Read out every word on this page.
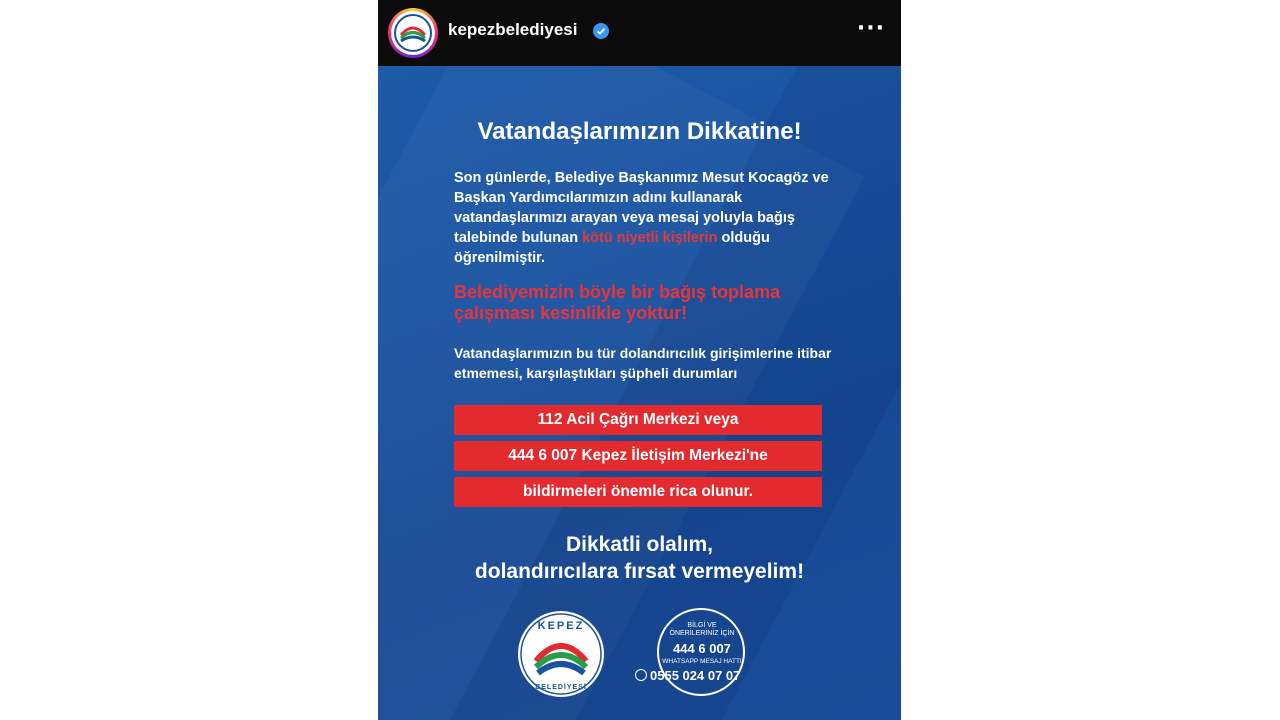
kepezbelediyesi	···
Vatandaşlarımızın Dikkatine!
Son günlerde, Belediye Başkanımız Mesut Kocagöz ve Başkan Yardımcılarımızın adını kullanarak vatandaşlarımızı arayan veya mesaj yoluyla bağış talebinde bulunan kötü niyetli kişilerin olduğu öğrenilmiştir.
Belediyemizin böyle bir bağış toplama çalışması kesinlikle yoktur!
Vatandaşlarımızın bu tür dolandırıcılık girişimlerine itibar etmemesi, karşılaştıkları şüpheli durumları
112 Acil Çağrı Merkezi veya
444 6 007 Kepez İletişim Merkezi'ne
bildirmeleri önemle rica olunur.
Dikkatli olalım,
dolandırıcılara fırsat vermeyelim!
KEPEZ
BELEDİYESİ
BİLGİ VE
ÖNERİLERİNİZ İÇİN
444 6 007
WHATSAPP MESAJ HATTI
0555 024 07 07
